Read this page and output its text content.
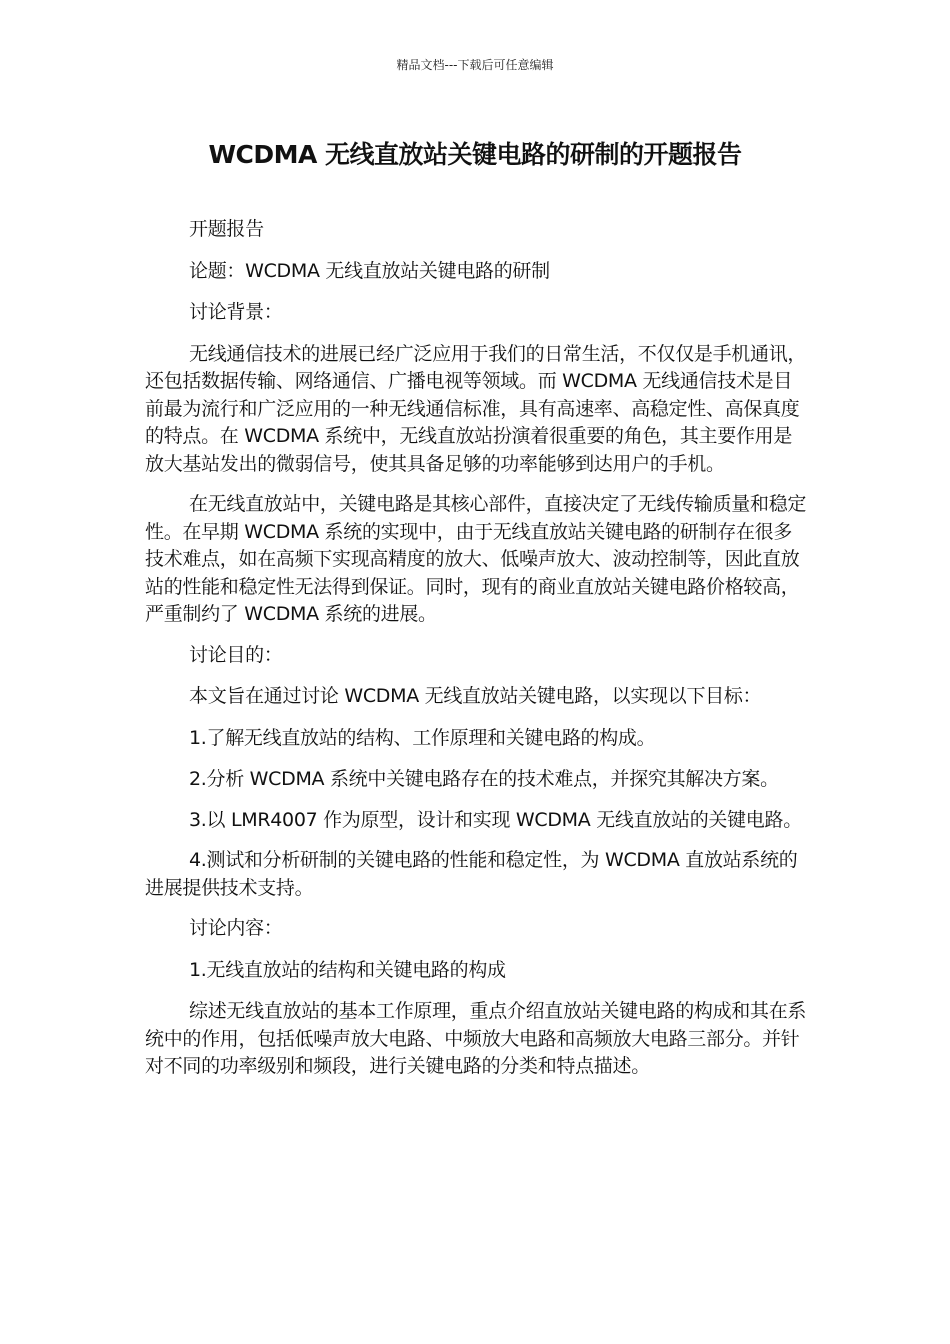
精品文档---下载后可任意编辑
WCDMA 无线直放站关键电路的研制的开题报告

开题报告

论题：WCDMA 无线直放站关键电路的研制

讨论背景：

无线通信技术的进展已经广泛应用于我们的日常生活，不仅仅是手机通讯，还包括数据传输、网络通信、广播电视等领域。而 WCDMA 无线通信技术是目前最为流行和广泛应用的一种无线通信标准，具有高速率、高稳定性、高保真度的特点。在 WCDMA 系统中，无线直放站扮演着很重要的角色，其主要作用是放大基站发出的微弱信号，使其具备足够的功率能够到达用户的手机。

在无线直放站中，关键电路是其核心部件，直接决定了无线传输质量和稳定性。在早期 WCDMA 系统的实现中，由于无线直放站关键电路的研制存在很多技术难点，如在高频下实现高精度的放大、低噪声放大、波动控制等，因此直放站的性能和稳定性无法得到保证。同时，现有的商业直放站关键电路价格较高，严重制约了 WCDMA 系统的进展。

讨论目的：

本文旨在通过讨论 WCDMA 无线直放站关键电路，以实现以下目标：

1.了解无线直放站的结构、工作原理和关键电路的构成。

2.分析 WCDMA 系统中关键电路存在的技术难点，并探究其解决方案。

3.以 LMR4007 作为原型，设计和实现 WCDMA 无线直放站的关键电路。

4.测试和分析研制的关键电路的性能和稳定性，为 WCDMA 直放站系统的进展提供技术支持。

讨论内容：

1.无线直放站的结构和关键电路的构成

综述无线直放站的基本工作原理，重点介绍直放站关键电路的构成和其在系统中的作用，包括低噪声放大电路、中频放大电路和高频放大电路三部分。并针对不同的功率级别和频段，进行关键电路的分类和特点描述。
